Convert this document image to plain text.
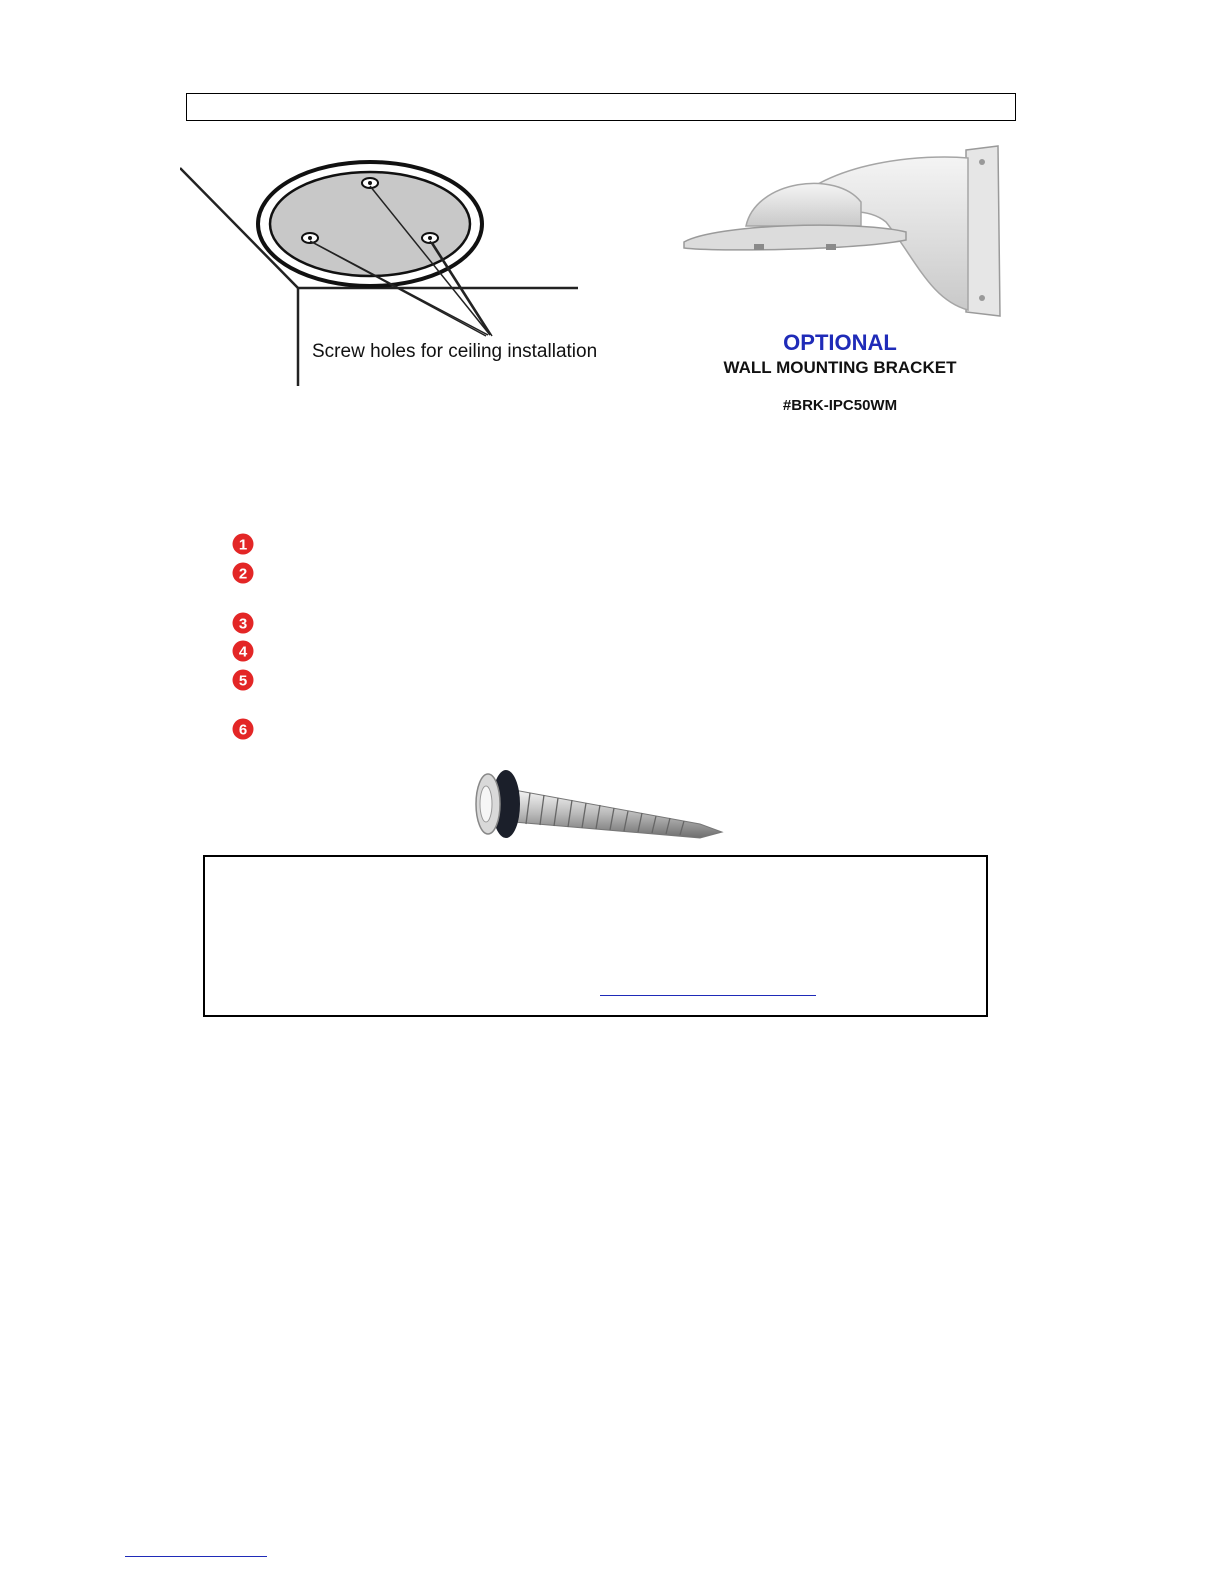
Screw holes for ceiling installation	OPTIONAL
WALL MOUNTING BRACKET
#BRK-IPC50WM
1
2
3
4
5
6
